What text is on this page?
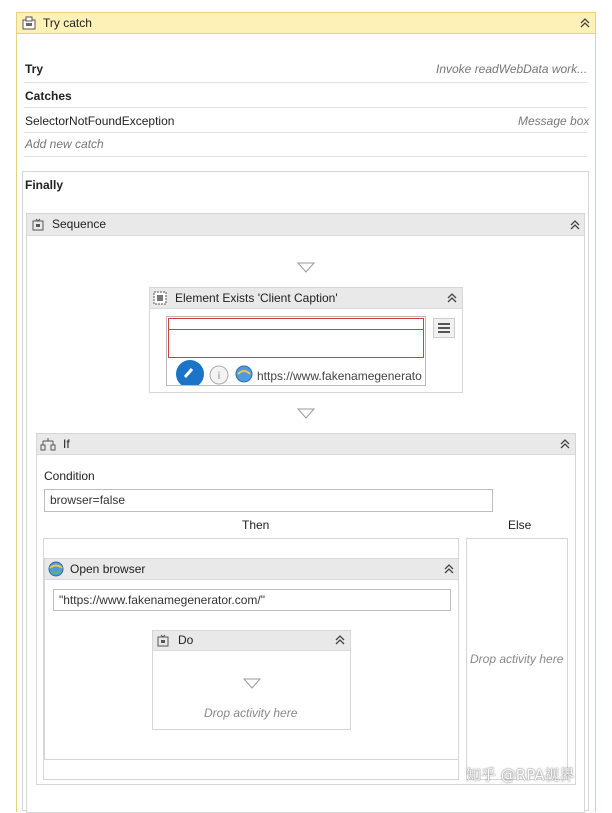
Try catch
Try	Invoke readWebData work...
Catches
SelectorNotFoundException	Message box
Add new catch
Finally
Sequence
Element Exists 'Client Caption'
i	https://www.fakenamegenerato
If
Condition
browser=false
Then	Else
Drop activity here
Open browser
"https://www.fakenamegenerator.com/"
Do
Drop activity here
知乎 @RPA视界
